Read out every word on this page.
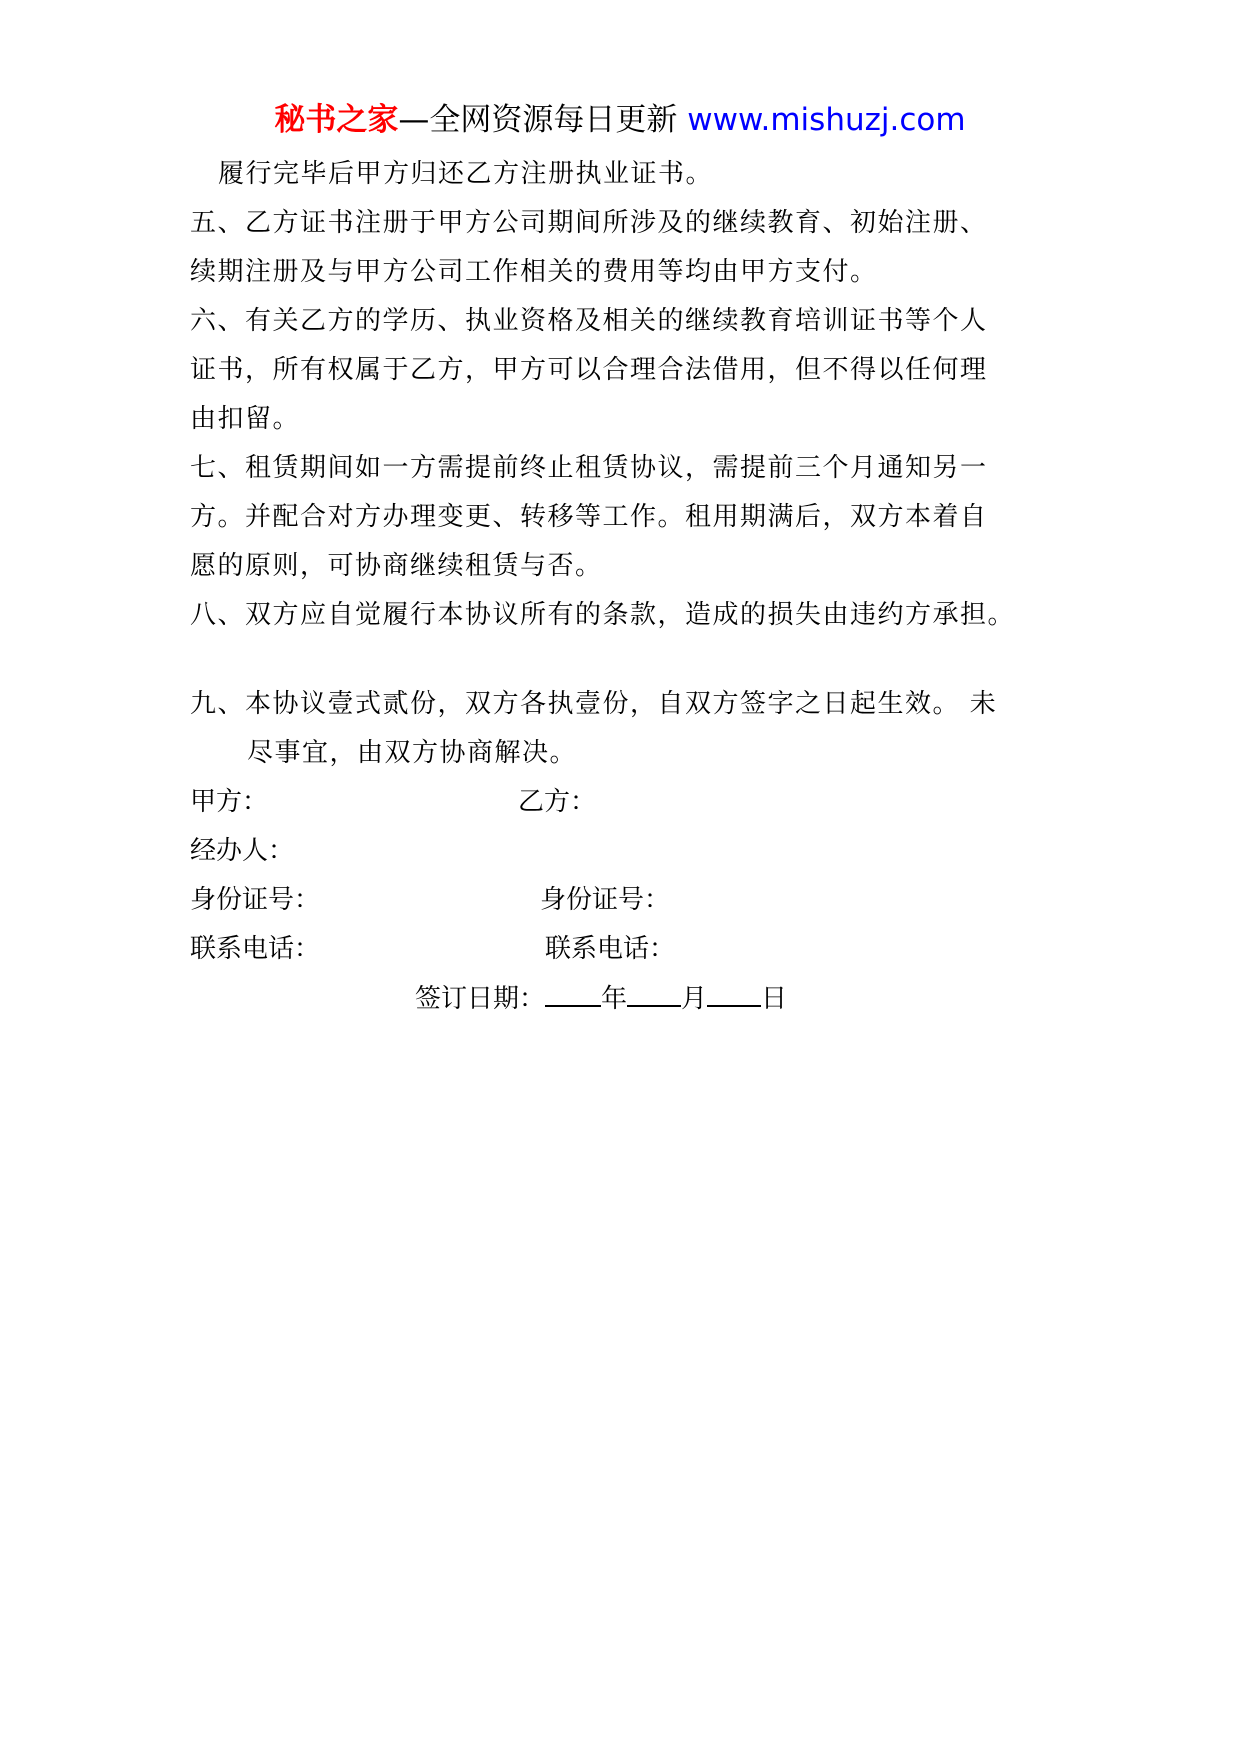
秘书之家—全网资源每日更新 www.mishuzj.com
履行完毕后甲方归还乙方注册执业证书。
五、乙方证书注册于甲方公司期间所涉及的继续教育、初始注册、
续期注册及与甲方公司工作相关的费用等均由甲方支付。
六、有关乙方的学历、执业资格及相关的继续教育培训证书等个人
证书，所有权属于乙方，甲方可以合理合法借用，但不得以任何理
由扣留。
七、租赁期间如一方需提前终止租赁协议，需提前三个月通知另一
方。并配合对方办理变更、转移等工作。租用期满后，双方本着自
愿的原则，可协商继续租赁与否。
八、双方应自觉履行本协议所有的条款，造成的损失由违约方承担。
九、本协议壹式贰份，双方各执壹份，自双方签字之日起生效。 未
尽事宜，由双方协商解决。
甲方：	乙方：
经办人：
身份证号：	身份证号：
联系电话：	联系电话：
签订日期： 年 月 日
